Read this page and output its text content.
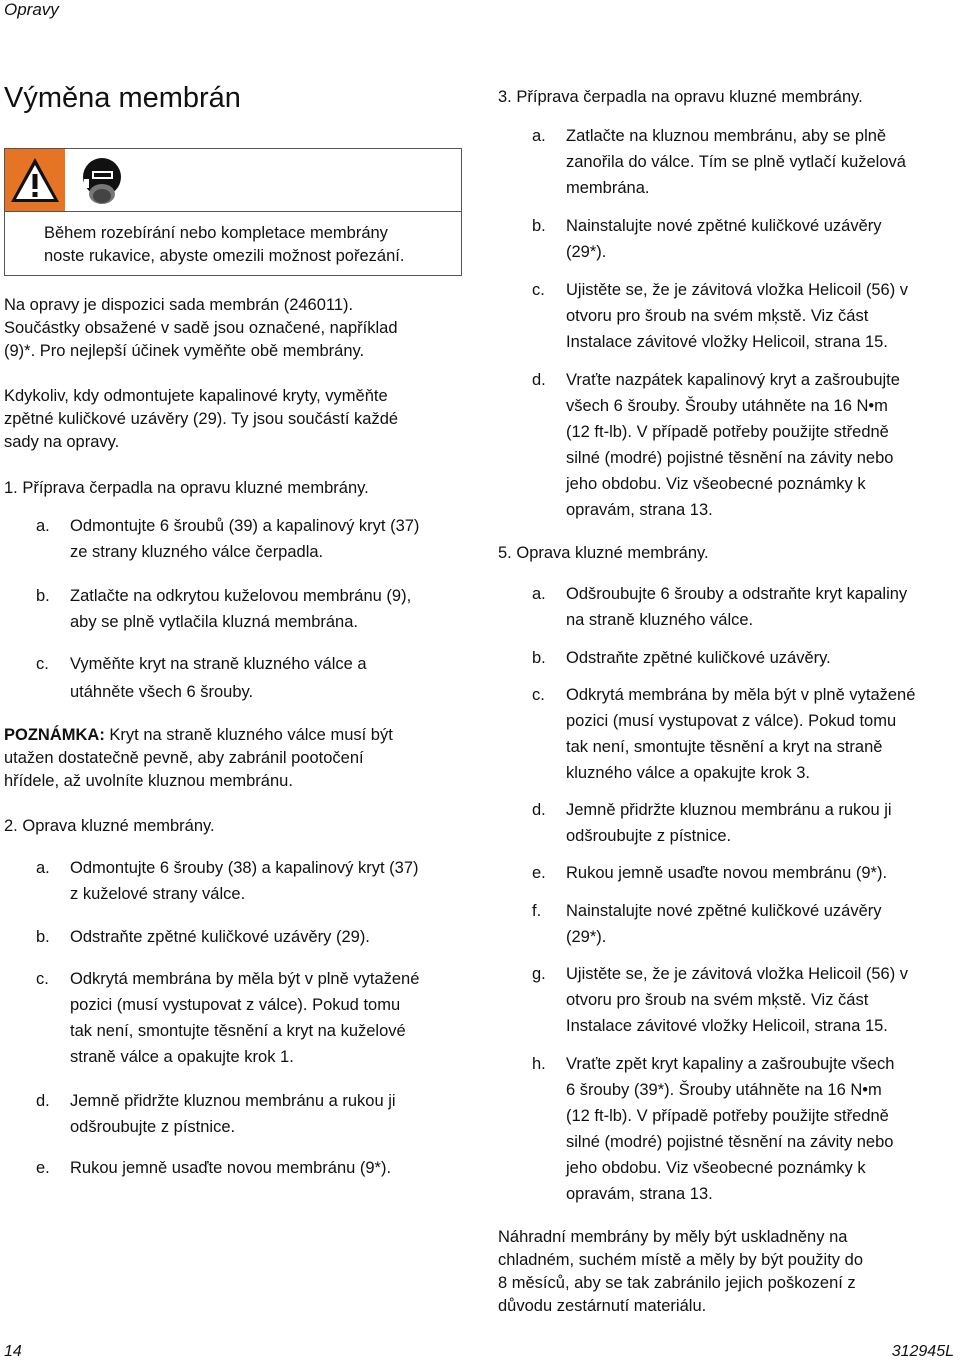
Opravy
Výměna membrán
Během rozebírání nebo kompletace membrány
noste rukavice, abyste omezili možnost pořezání.
Na opravy je dispozici sada membrán (246011).
Součástky obsažené v sadě jsou označené, například
(9)*. Pro nejlepší účinek vyměňte obě membrány.
Kdykoliv, kdy odmontujete kapalinové kryty, vyměňte
zpětné kuličkové uzávěry (29). Ty jsou součástí každé
sady na opravy.
1. Příprava čerpadla na opravu kluzné membrány.
a. Odmontujte 6 šroubů (39) a kapalinový kryt (37)
ze strany kluzného válce čerpadla.
b. Zatlačte na odkrytou kuželovou membránu (9),
aby se plně vytlačila kluzná membrána.
c. Vyměňte kryt na straně kluzného válce a
utáhněte všech 6 šrouby.
POZNÁMKA: Kryt na straně kluzného válce musí být
utažen dostatečně pevně, aby zabránil pootočení
hřídele, až uvolníte kluznou membránu.
2. Oprava kluzné membrány.
a. Odmontujte 6 šrouby (38) a kapalinový kryt (37)
z kuželové strany válce.
b. Odstraňte zpětné kuličkové uzávěry (29).
c. Odkrytá membrána by měla být v plně vytažené
pozici (musí vystupovat z válce). Pokud tomu
tak není, smontujte těsnění a kryt na kuželové
straně válce a opakujte krok 1.
d. Jemně přidržte kluznou membránu a rukou ji
odšroubujte z pístnice.
e. Rukou jemně usaďte novou membránu (9*).
3. Příprava čerpadla na opravu kluzné membrány.
a. Zatlačte na kluznou membránu, aby se plně
zanořila do válce. Tím se plně vytlačí kuželová
membrána.
b. Nainstalujte nové zpětné kuličkové uzávěry
(29*).
c. Ujistěte se, že je závitová vložka Helicoil (56) v
otvoru pro šroub na svém mķstě. Viz část
Instalace závitové vložky Helicoil, strana 15.
d. Vraťte nazpátek kapalinový kryt a zašroubujte
všech 6 šrouby. Šrouby utáhněte na 16 N•m
(12 ft-lb). V případě potřeby použijte středně
silné (modré) pojistné těsnění na závity nebo
jeho obdobu. Viz všeobecné poznámky k
opravám, strana 13.
5. Oprava kluzné membrány.
a. Odšroubujte 6 šrouby a odstraňte kryt kapaliny
na straně kluzného válce.
b. Odstraňte zpětné kuličkové uzávěry.
c. Odkrytá membrána by měla být v plně vytažené
pozici (musí vystupovat z válce). Pokud tomu
tak není, smontujte těsnění a kryt na straně
kluzného válce a opakujte krok 3.
d. Jemně přidržte kluznou membránu a rukou ji
odšroubujte z pístnice.
e. Rukou jemně usaďte novou membránu (9*).
f. Nainstalujte nové zpětné kuličkové uzávěry
(29*).
g. Ujistěte se, že je závitová vložka Helicoil (56) v
otvoru pro šroub na svém mķstě. Viz část
Instalace závitové vložky Helicoil, strana 15.
h. Vraťte zpět kryt kapaliny a zašroubujte všech
6 šrouby (39*). Šrouby utáhněte na 16 N•m
(12 ft-lb). V případě potřeby použijte středně
silné (modré) pojistné těsnění na závity nebo
jeho obdobu. Viz všeobecné poznámky k
opravám, strana 13.
Náhradní membrány by měly být uskladněny na
chladném, suchém místě a měly by být použity do
8 měsíců, aby se tak zabránilo jejich poškození z
důvodu zestárnutí materiálu.
14	312945L
